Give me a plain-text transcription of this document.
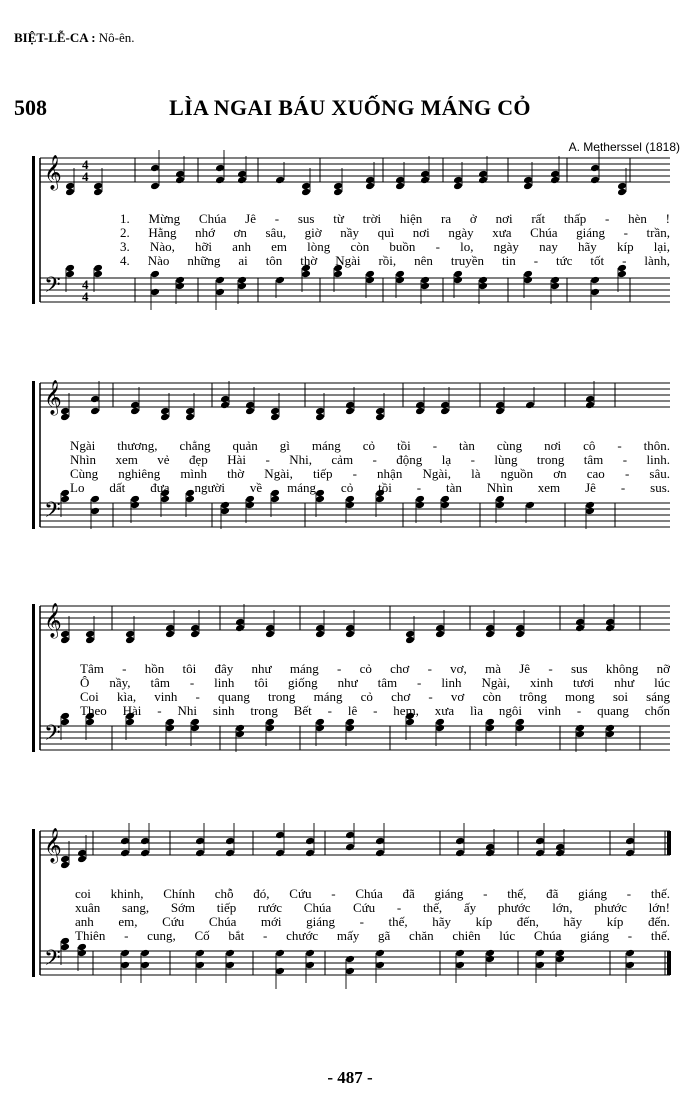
BIỆT-LỄ-CA : Nô-ên.
LÌA NGAI BÁU XUỐNG MÁNG CỎ
508
A. Metherssel (1818)
𝄞
𝄢
4
4
4
4
1. Mừng Chúa Jê - sus từ trời hiện ra ở nơi rất thấp - hèn !
2. Hằng nhớ ơn sâu, giờ nầy quì nơi ngày xưa Chúa giáng - trần,
3. Nào, hỡi anh em lòng còn buồn - lo, ngày nay hãy kíp lại,
4. Nào những ai tôn thờ Ngài rồi, nên truyền tin - tức tốt - lành,
𝄞
𝄢
Ngài thương, chẳng quản gì máng cỏ tồi - tàn cùng nơi cô - thôn.
Nhìn xem vẻ đẹp Hài - Nhi, cảm - động lạ - lùng trong tâm - linh.
Cùng nghiêng mình thờ Ngài, tiếp - nhận Ngài, là nguồn ơn cao - sâu.
Lo dất đưa người về máng cỏ tồi - tàn Nhìn xem Jê - sus.
𝄞
𝄢
Tâm - hồn tôi đây như máng - cỏ chơ - vơ, mà Jê - sus không nỡ
Ô nầy, tâm - linh tôi giống như tâm - linh Ngài, xinh tươi như lúc
Coi kìa, vinh - quang trong máng cỏ chơ - vơ còn trông mong soi sáng
Theo Hài - Nhi sinh trong Bết - lê - hem, xưa lìa ngôi vinh - quang chốn
𝄞
𝄢
coi khinh, Chính chỗ đó, Cứu - Chúa đã giáng - thế, đã giáng - thế.
xuân sang, Sớm tiếp rước Chúa Cứu - thế, ấy phước lớn, phước lớn!
anh em, Cứu Chúa mới giáng - thế, hãy kíp đến, hãy kíp đến.
Thiên - cung, Cố bắt - chước mấy gã chăn chiên lúc Chúa giáng - thế.
- 487 -
